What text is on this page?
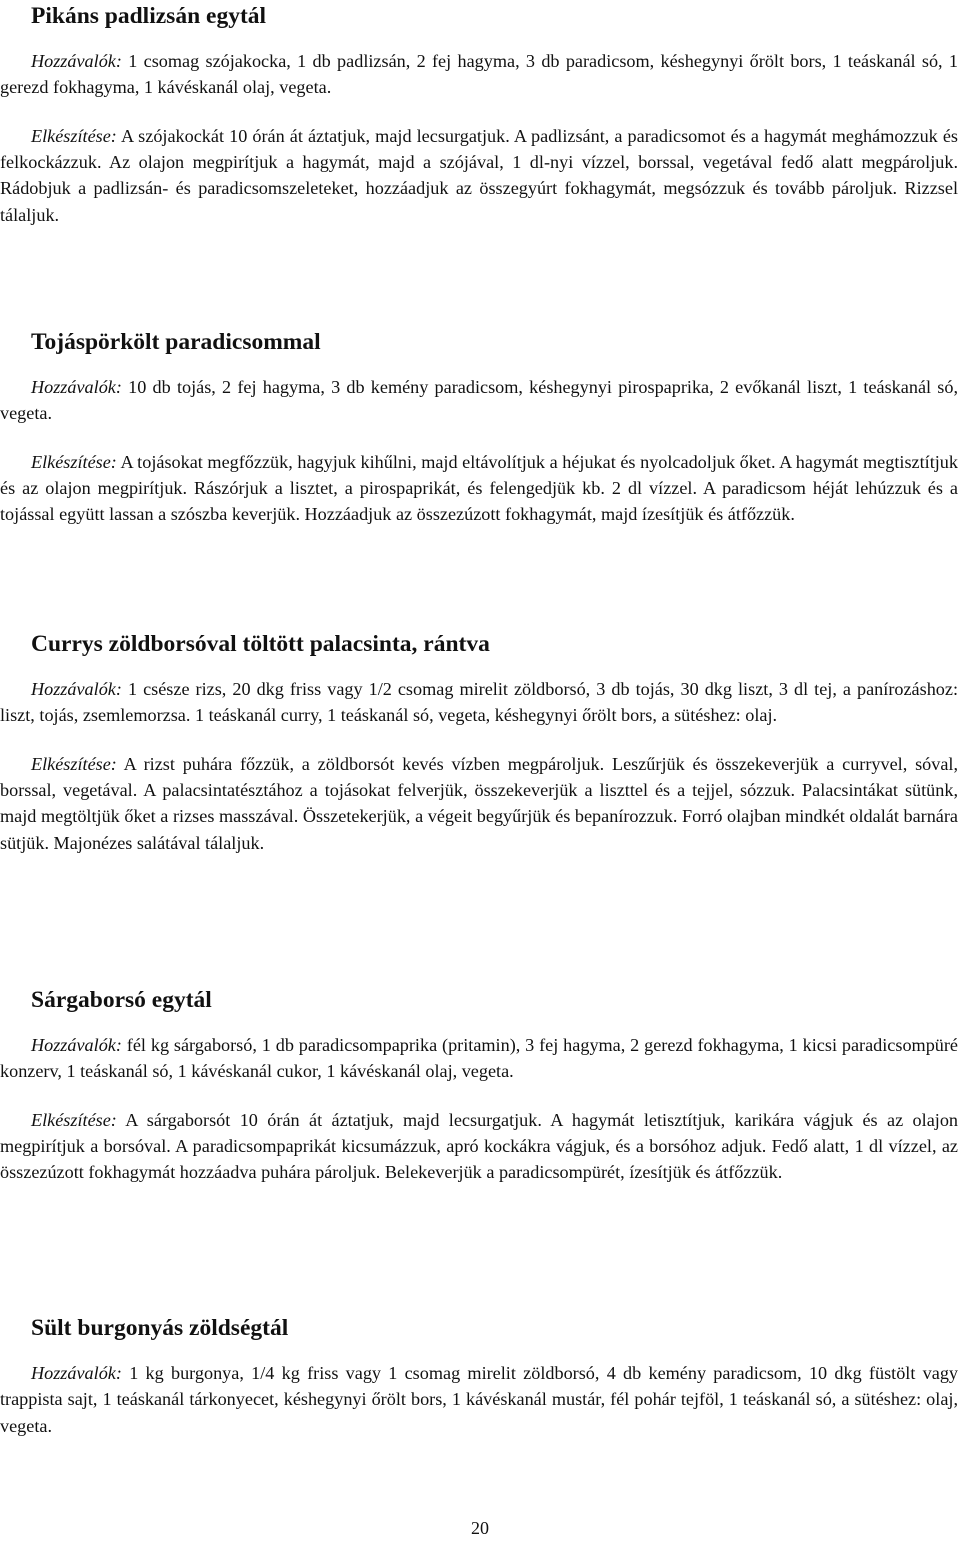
Pikáns padlizsán egytál

Hozzávalók: 1 csomag szójakocka, 1 db padlizsán, 2 fej hagyma, 3 db paradicsom, késhegynyi őrölt bors, 1 teáskanál só, 1 gerezd fokhagyma, 1 kávéskanál olaj, vegeta.

Elkészítése: A szójakockát 10 órán át áztatjuk, majd lecsurgatjuk. A padlizsánt, a paradicsomot és a hagymát meghámozzuk és felkockázzuk. Az olajon megpirítjuk a hagymát, majd a szójával, 1 dl-nyi vízzel, borssal, vegetával fedő alatt megpároljuk. Rádobjuk a padlizsán- és paradicsomszeleteket, hozzáadjuk az összegyúrt fokhagymát, megsózzuk és tovább pároljuk. Rizzsel tálaljuk.

Tojáspörkölt paradicsommal

Hozzávalók: 10 db tojás, 2 fej hagyma, 3 db kemény paradicsom, késhegynyi pirospaprika, 2 evőkanál liszt, 1 teáskanál só, vegeta.

Elkészítése: A tojásokat megfőzzük, hagyjuk kihűlni, majd eltávolítjuk a héjukat és nyolcadoljuk őket. A hagymát megtisztítjuk és az olajon megpirítjuk. Rászórjuk a lisztet, a pirospaprikát, és felengedjük kb. 2 dl vízzel. A paradicsom héját lehúzzuk és a tojással együtt lassan a szószba keverjük. Hozzáadjuk az összezúzott fokhagymát, majd ízesítjük és átfőzzük.

Currys zöldborsóval töltött palacsinta, rántva

Hozzávalók: 1 csésze rizs, 20 dkg friss vagy 1/2 csomag mirelit zöldborsó, 3 db tojás, 30 dkg liszt, 3 dl tej, a panírozáshoz: liszt, tojás, zsemlemorzsa. 1 teáskanál curry, 1 teáskanál só, vegeta, késhegynyi őrölt bors, a sütéshez: olaj.

Elkészítése: A rizst puhára főzzük, a zöldborsót kevés vízben megpároljuk. Leszűrjük és összekeverjük a curryvel, sóval, borssal, vegetával. A palacsintatésztához a tojásokat felverjük, összekeverjük a liszttel és a tejjel, sózzuk. Palacsintákat sütünk, majd megtöltjük őket a rizses masszával. Összetekerjük, a végeit begyűrjük és bepanírozzuk. Forró olajban mindkét oldalát barnára sütjük. Majonézes salátával tálaljuk.

Sárgaborsó egytál

Hozzávalók: fél kg sárgaborsó, 1 db paradicsompaprika (pritamin), 3 fej hagyma, 2 gerezd fokhagyma, 1 kicsi paradicsompüré konzerv, 1 teáskanál só, 1 kávéskanál cukor, 1 kávéskanál olaj, vegeta.

Elkészítése: A sárgaborsót 10 órán át áztatjuk, majd lecsurgatjuk. A hagymát letisztítjuk, karikára vágjuk és az olajon megpirítjuk a borsóval. A paradicsompaprikát kicsumázzuk, apró kockákra vágjuk, és a borsóhoz adjuk. Fedő alatt, 1 dl vízzel, az összezúzott fokhagymát hozzáadva puhára pároljuk. Belekeverjük a paradicsompürét, ízesítjük és átfőzzük.

Sült burgonyás zöldségtál

Hozzávalók: 1 kg burgonya, 1/4 kg friss vagy 1 csomag mirelit zöldborsó, 4 db kemény paradicsom, 10 dkg füstölt vagy trappista sajt, 1 teáskanál tárkonyecet, késhegynyi őrölt bors, 1 kávéskanál mustár, fél pohár tejföl, 1 teáskanál só, a sütéshez: olaj, vegeta.

20
